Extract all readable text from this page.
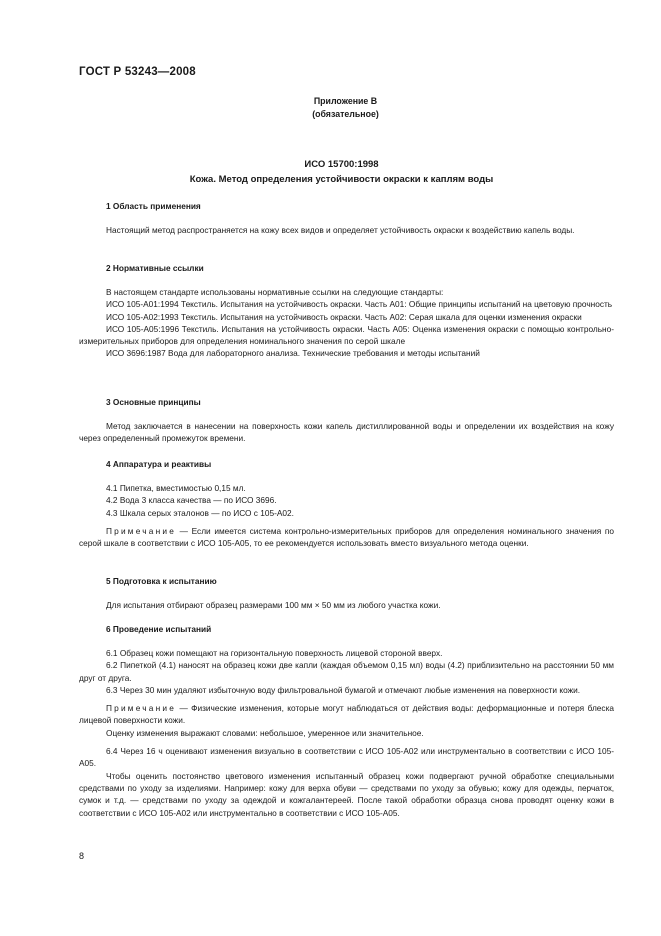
ГОСТ Р 53243—2008
Приложение В
(обязательное)
ИСО 15700:1998
Кожа. Метод определения устойчивости окраски к каплям воды
1 Область применения

Настоящий метод распространяется на кожу всех видов и определяет устойчивость окраски к воздействию капель воды.

2 Нормативные ссылки

В настоящем стандарте использованы нормативные ссылки на следующие стандарты:

ИСО 105-А01:1994 Текстиль. Испытания на устойчивость окраски. Часть А01: Общие принципы испытаний на цветовую прочность

ИСО 105-А02:1993 Текстиль. Испытания на устойчивость окраски. Часть А02: Серая шкала для оценки изменения окраски

ИСО 105-А05:1996 Текстиль. Испытания на устойчивость окраски. Часть А05: Оценка изменения окраски с помощью контрольно-измерительных приборов для определения номинального значения по серой шкале

ИСО 3696:1987 Вода для лабораторного анализа. Технические требования и методы испытаний

3 Основные принципы

Метод заключается в нанесении на поверхность кожи капель дистиллированной воды и определении их воздействия на кожу через определенный промежуток времени.

4 Аппаратура и реактивы

4.1 Пипетка, вместимостью 0,15 мл.

4.2 Вода 3 класса качества — по ИСО 3696.

4.3 Шкала серых эталонов — по ИСО с 105-А02.

Примечание — Если имеется система контрольно-измерительных приборов для определения номинального значения по серой шкале в соответствии с ИСО 105-А05, то ее рекомендуется использовать вместо визуального метода оценки.

5 Подготовка к испытанию

Для испытания отбирают образец размерами 100 мм × 50 мм из любого участка кожи.

6 Проведение испытаний

6.1 Образец кожи помещают на горизонтальную поверхность лицевой стороной вверх.

6.2 Пипеткой (4.1) наносят на образец кожи две капли (каждая объемом 0,15 мл) воды (4.2) приблизительно на расстоянии 50 мм друг от друга.

6.3 Через 30 мин удаляют избыточную воду фильтровальной бумагой и отмечают любые изменения на поверхности кожи.

Примечание — Физические изменения, которые могут наблюдаться от действия воды: деформационные и потеря блеска лицевой поверхности кожи.

Оценку изменения выражают словами: небольшое, умеренное или значительное.

6.4 Через 16 ч оценивают изменения визуально в соответствии с ИСО 105-А02 или инструментально в соответствии с ИСО 105-А05.

Чтобы оценить постоянство цветового изменения испытанный образец кожи подвергают ручной обработке специальными средствами по уходу за изделиями. Например: кожу для верха обуви — средствами по уходу за обувью; кожу для одежды, перчаток, сумок и т.д. — средствами по уходу за одеждой и кожгалантереей. После такой обработки образца снова проводят оценку кожи в соответствии с ИСО 105-А02 или инструментально в соответствии с ИСО 105-А05.

8
